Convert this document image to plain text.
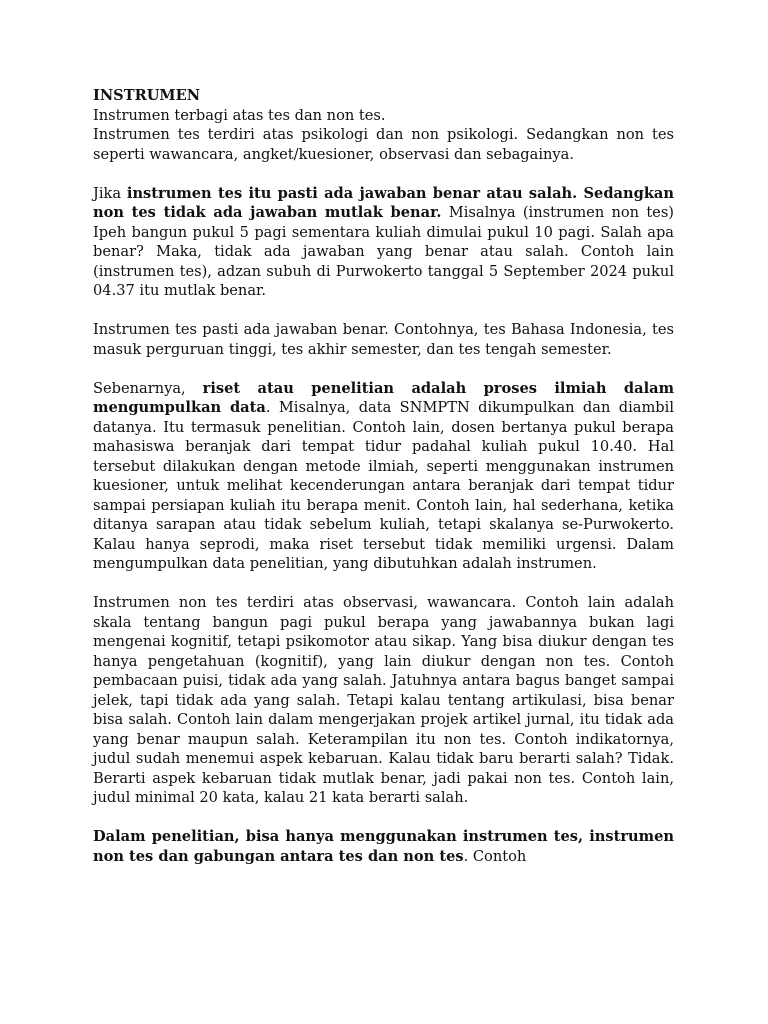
INSTRUMEN

Instrumen terbagi atas tes dan non tes.

Instrumen tes terdiri atas psikologi dan non psikologi. Sedangkan non tes seperti wawancara, angket/kuesioner, observasi dan sebagainya.

Jika instrumen tes itu pasti ada jawaban benar atau salah. Sedangkan non tes tidak ada jawaban mutlak benar. Misalnya (instrumen non tes) Ipeh bangun pukul 5 pagi sementara kuliah dimulai pukul 10 pagi. Salah apa benar? Maka, tidak ada jawaban yang benar atau salah. Contoh lain (instrumen tes), adzan subuh di Purwokerto tanggal 5 September 2024 pukul 04.37 itu mutlak benar.

Instrumen tes pasti ada jawaban benar. Contohnya, tes Bahasa Indonesia, tes masuk perguruan tinggi, tes akhir semester, dan tes tengah semester.

Sebenarnya, riset atau penelitian adalah proses ilmiah dalam mengumpulkan data. Misalnya, data SNMPTN dikumpulkan dan diambil datanya. Itu termasuk penelitian. Contoh lain, dosen bertanya pukul berapa mahasiswa beranjak dari tempat tidur padahal kuliah pukul 10.40. Hal tersebut dilakukan dengan metode ilmiah, seperti menggunakan instrumen kuesioner, untuk melihat kecenderungan antara beranjak dari tempat tidur sampai persiapan kuliah itu berapa menit. Contoh lain, hal sederhana, ketika ditanya sarapan atau tidak sebelum kuliah, tetapi skalanya se-Purwokerto. Kalau hanya seprodi, maka riset tersebut tidak memiliki urgensi. Dalam mengumpulkan data penelitian, yang dibutuhkan adalah instrumen.

Instrumen non tes terdiri atas observasi, wawancara. Contoh lain adalah skala tentang bangun pagi pukul berapa yang jawabannya bukan lagi mengenai kognitif, tetapi psikomotor atau sikap. Yang bisa diukur dengan tes hanya pengetahuan (kognitif), yang lain diukur dengan non tes. Contoh pembacaan puisi, tidak ada yang salah. Jatuhnya antara bagus banget sampai jelek, tapi tidak ada yang salah. Tetapi kalau tentang artikulasi, bisa benar bisa salah. Contoh lain dalam mengerjakan projek artikel jurnal, itu tidak ada yang benar maupun salah. Keterampilan itu non tes. Contoh indikatornya, judul sudah menemui aspek kebaruan. Kalau tidak baru berarti salah? Tidak. Berarti aspek kebaruan tidak mutlak benar, jadi pakai non tes. Contoh lain, judul minimal 20 kata, kalau 21 kata berarti salah.

Dalam penelitian, bisa hanya menggunakan instrumen tes, instrumen non tes dan gabungan antara tes dan non tes. Contoh
